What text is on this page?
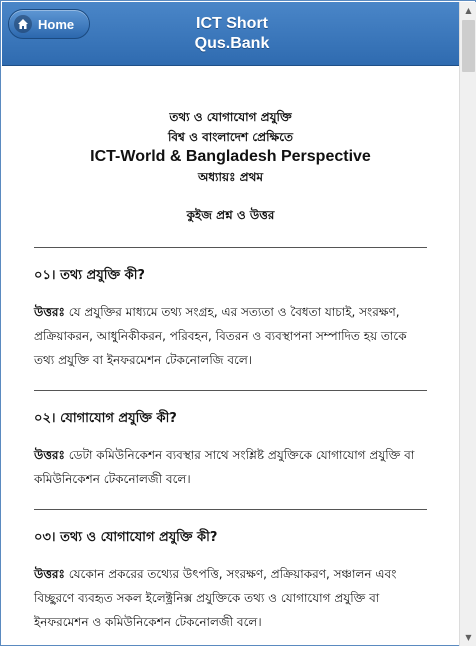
Home	ICT Short
Qus.Bank
তথ্য ও যোগাযোগ প্রযুক্তি
বিশ্ব ও বাংলাদেশ প্রেক্ষিতে
ICT-World & Bangladesh Perspective
অধ্যায়ঃ প্রথম
কুইজ প্রশ্ন ও উত্তর
০১। তথ্য প্রযুক্তি কী?
উত্তরঃ যে প্রযুক্তির মাধ্যমে তথ্য সংগ্রহ, এর সত্যতা ও বৈধতা যাচাই, সংরক্ষণ, প্রক্রিয়াকরন, আধুনিকীকরন, পরিবহন, বিতরন ও ব্যবস্থাপনা সম্পাদিত হয় তাকে তথ্য প্রযুক্তি বা ইনফরমেশন টেকনোলজি বলে।
০২। যোগাযোগ প্রযুক্তি কী?
উত্তরঃ ডেটা কমিউনিকেশন ব্যবস্থার সাথে সংশ্লিষ্ট প্রযুক্তিকে যোগাযোগ প্রযুক্তি বা কমিউনিকেশন টেকনোলজী বলে।
০৩। তথ্য ও যোগাযোগ প্রযুক্তি কী?
উত্তরঃ যেকোন প্রকরের তথ্যের উৎপত্তি, সংরক্ষণ, প্রক্রিয়াকরণ, সঞ্চালন এবং বিচ্ছুরণে ব্যবহৃত সকল ইলেক্ট্রনিক্স প্রযুক্তিকে তথ্য ও যোগাযোগ প্রযুক্তি বা ইনফরমেশন ও কমিউনিকেশন টেকনোলজী বলে।
▲
▼
